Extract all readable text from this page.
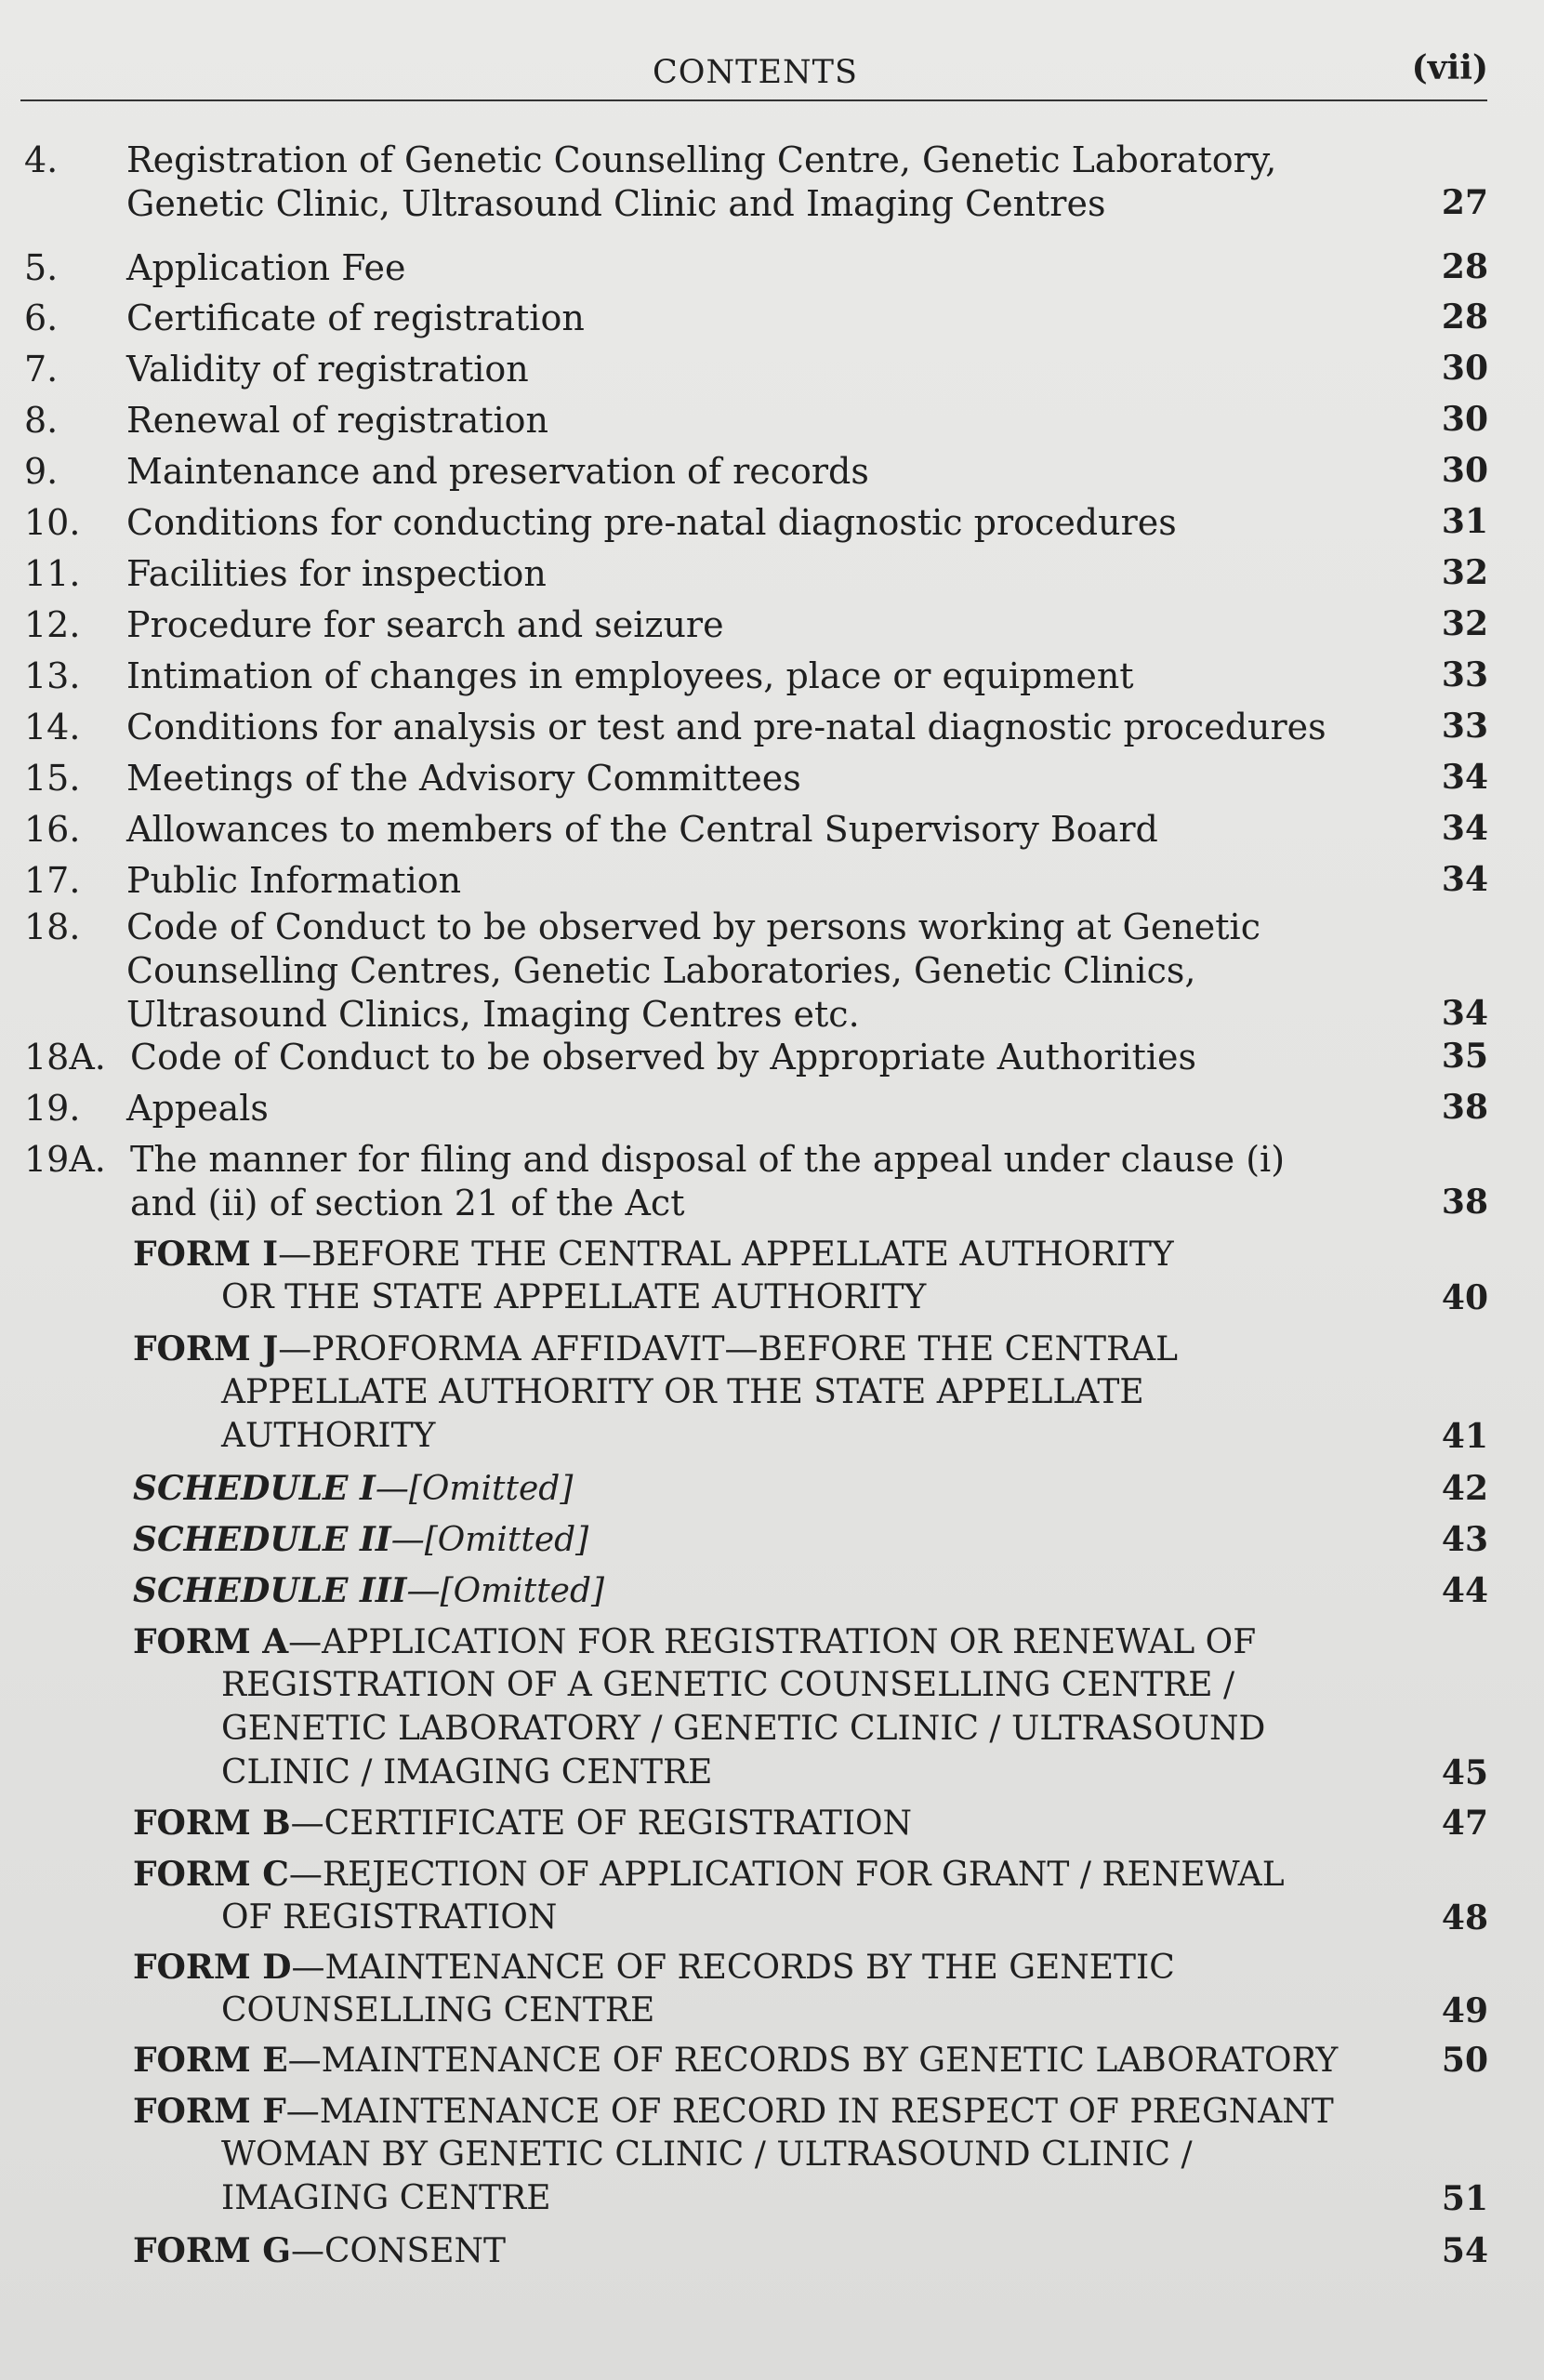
CONTENTS	(vii)
4. Registration of Genetic Counselling Centre, Genetic Laboratory,
Genetic Clinic, Ultrasound Clinic and Imaging Centres	27
5. Application Fee	28
6. Certificate of registration	28
7. Validity of registration	30
8. Renewal of registration	30
9. Maintenance and preservation of records	30
10. Conditions for conducting pre-natal diagnostic procedures	31
11. Facilities for inspection	32
12. Procedure for search and seizure	32
13. Intimation of changes in employees, place or equipment	33
14. Conditions for analysis or test and pre-natal diagnostic procedures	33
15. Meetings of the Advisory Committees	34
16. Allowances to members of the Central Supervisory Board	34
17. Public Information	34
18. Code of Conduct to be observed by persons working at Genetic
Counselling Centres, Genetic Laboratories, Genetic Clinics,
Ultrasound Clinics, Imaging Centres etc.	34
18A. Code of Conduct to be observed by Appropriate Authorities	35
19. Appeals	38
19A. The manner for filing and disposal of the appeal under clause (i)
and (ii) of section 21 of the Act	38
FORM I—BEFORE THE CENTRAL APPELLATE AUTHORITY
OR THE STATE APPELLATE AUTHORITY	40
FORM J—PROFORMA AFFIDAVIT—BEFORE THE CENTRAL
APPELLATE AUTHORITY OR THE STATE APPELLATE
AUTHORITY	41
SCHEDULE I—[Omitted]	42
SCHEDULE II—[Omitted]	43
SCHEDULE III—[Omitted]	44
FORM A—APPLICATION FOR REGISTRATION OR RENEWAL OF
REGISTRATION OF A GENETIC COUNSELLING CENTRE /
GENETIC LABORATORY / GENETIC CLINIC / ULTRASOUND
CLINIC / IMAGING CENTRE	45
FORM B—CERTIFICATE OF REGISTRATION	47
FORM C—REJECTION OF APPLICATION FOR GRANT / RENEWAL
OF REGISTRATION	48
FORM D—MAINTENANCE OF RECORDS BY THE GENETIC
COUNSELLING CENTRE	49
FORM E—MAINTENANCE OF RECORDS BY GENETIC LABORATORY	50
FORM F—MAINTENANCE OF RECORD IN RESPECT OF PREGNANT
WOMAN BY GENETIC CLINIC / ULTRASOUND CLINIC /
IMAGING CENTRE	51
FORM G—CONSENT	54
